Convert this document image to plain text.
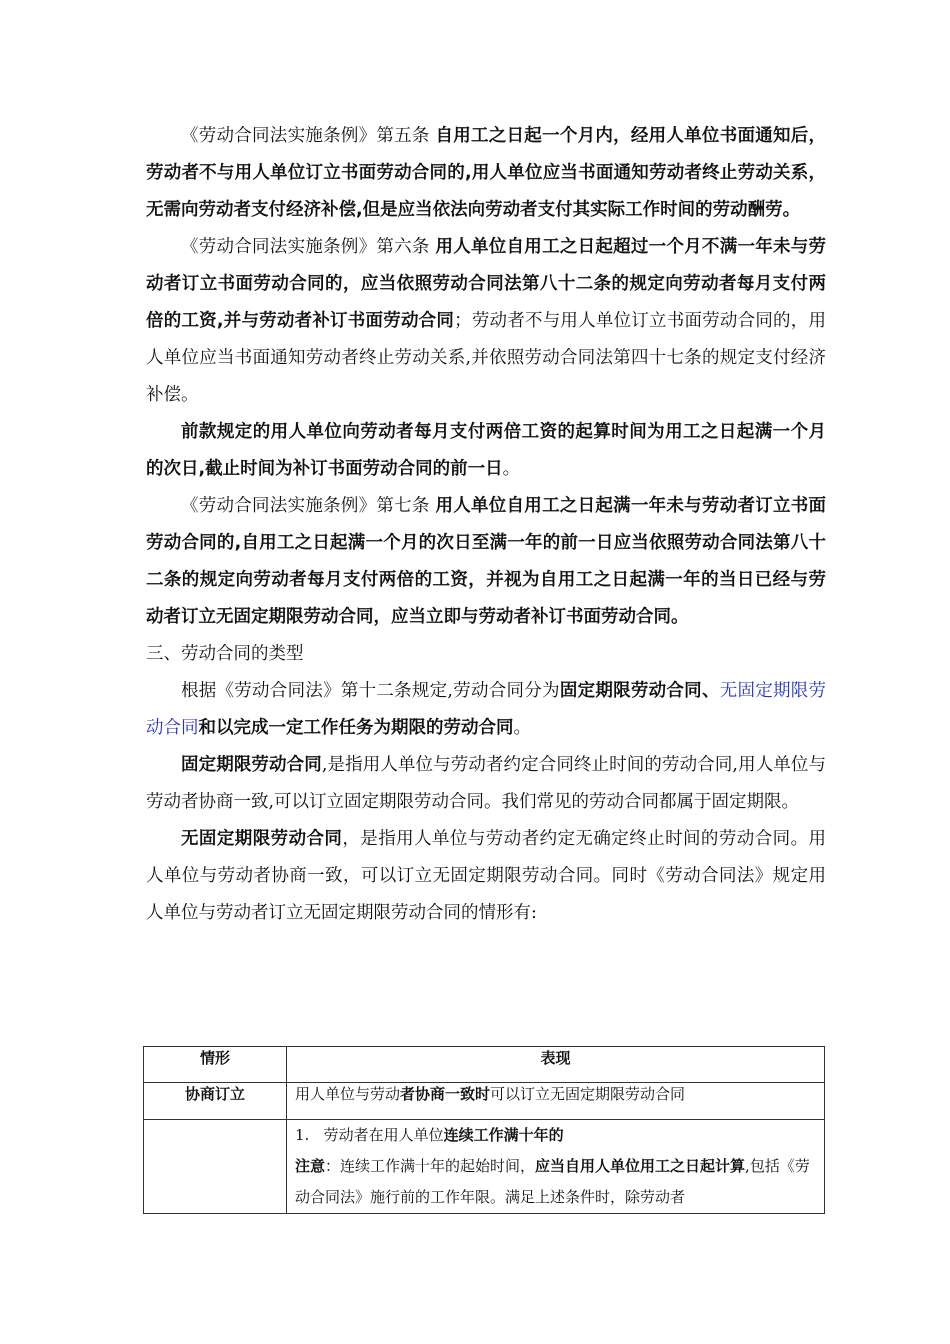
《劳动合同法实施条例》第五条 自用工之日起一个月内，经用人单位书面通知后，劳动者不与用人单位订立书面劳动合同的,用人单位应当书面通知劳动者终止劳动关系，无需向劳动者支付经济补偿,但是应当依法向劳动者支付其实际工作时间的劳动酬劳。

《劳动合同法实施条例》第六条 用人单位自用工之日起超过一个月不满一年未与劳动者订立书面劳动合同的，应当依照劳动合同法第八十二条的规定向劳动者每月支付两倍的工资,并与劳动者补订书面劳动合同；劳动者不与用人单位订立书面劳动合同的，用人单位应当书面通知劳动者终止劳动关系,并依照劳动合同法第四十七条的规定支付经济补偿。

前款规定的用人单位向劳动者每月支付两倍工资的起算时间为用工之日起满一个月的次日,截止时间为补订书面劳动合同的前一日。

《劳动合同法实施条例》第七条 用人单位自用工之日起满一年未与劳动者订立书面劳动合同的,自用工之日起满一个月的次日至满一年的前一日应当依照劳动合同法第八十二条的规定向劳动者每月支付两倍的工资，并视为自用工之日起满一年的当日已经与劳动者订立无固定期限劳动合同，应当立即与劳动者补订书面劳动合同。

三、劳动合同的类型

根据《劳动合同法》第十二条规定,劳动合同分为固定期限劳动合同、无固定期限劳动合同和以完成一定工作任务为期限的劳动合同。

固定期限劳动合同,是指用人单位与劳动者约定合同终止时间的劳动合同,用人单位与劳动者协商一致,可以订立固定期限劳动合同。我们常见的劳动合同都属于固定期限。

无固定期限劳动合同，是指用人单位与劳动者约定无确定终止时间的劳动合同。用人单位与劳动者协商一致，可以订立无固定期限劳动合同。同时《劳动合同法》规定用人单位与劳动者订立无固定期限劳动合同的情形有:

情形	表现
协商订立	用人单位与劳动者协商一致时可以订立无固定期限劳动合同

	1. 劳动者在用人单位连续工作满十年的
注意：连续工作满十年的起始时间，应当自用人单位用工之日起计算,包括《劳动合同法》施行前的工作年限。满足上述条件时，除劳动者
